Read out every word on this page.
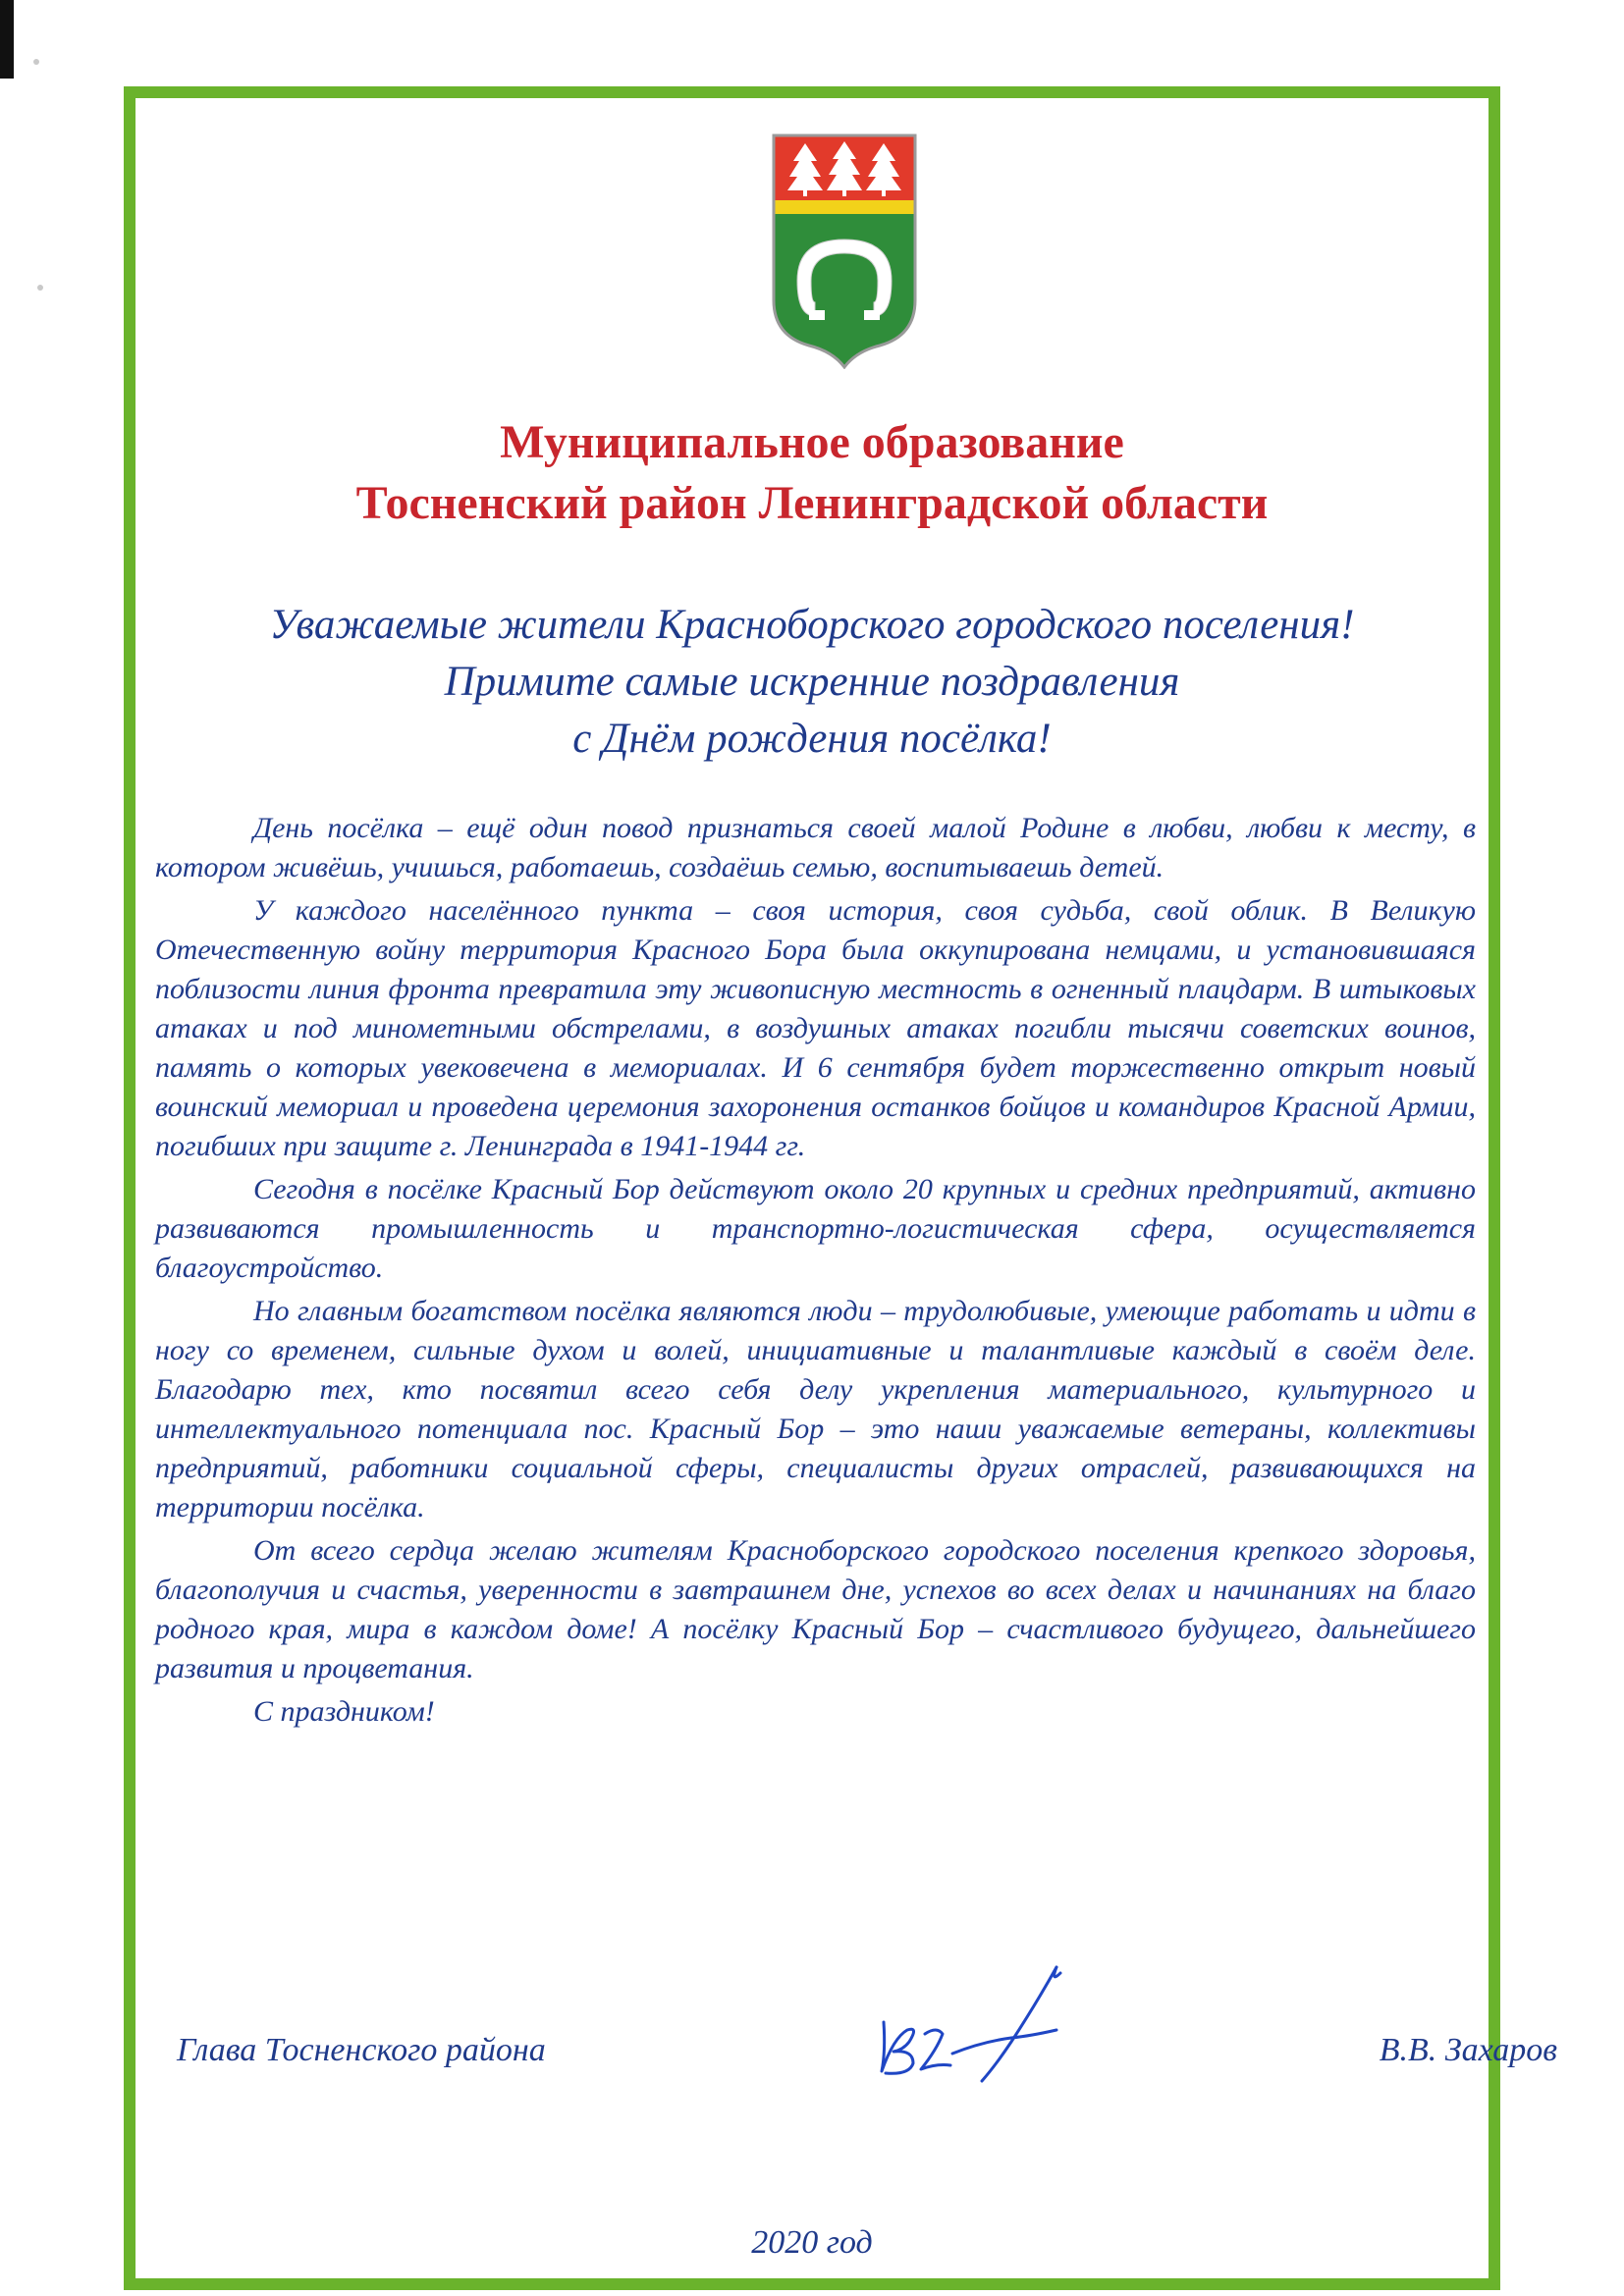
Муниципальное образование
Тосненский район Ленинградской области
Уважаемые жители Красноборского городского поселения!
Примите самые искренние поздравления
с Днём рождения посёлка!

День посёлка – ещё один повод признаться своей малой Родине в любви, любви к месту, в котором живёшь, учишься, работаешь, создаёшь семью, воспитываешь детей.

У каждого населённого пункта – своя история, своя судьба, свой облик. В Великую Отечественную войну территория Красного Бора была оккупирована немцами, и установившаяся поблизости линия фронта превратила эту живописную местность в огненный плацдарм. В штыковых атаках и под минометными обстрелами, в воздушных атаках погибли тысячи советских воинов, память о которых увековечена в мемориалах. И 6 сентября будет торжественно открыт новый воинский мемориал и проведена церемония захоронения останков бойцов и командиров Красной Армии, погибших при защите г. Ленинграда в 1941-1944 гг.

Сегодня в посёлке Красный Бор действуют около 20 крупных и средних предприятий, активно развиваются промышленность и транспортно-логистическая сфера, осуществляется благоустройство.

Но главным богатством посёлка являются люди – трудолюбивые, умеющие работать и идти в ногу со временем, сильные духом и волей, инициативные и талантливые каждый в своём деле. Благодарю тех, кто посвятил всего себя делу укрепления материального, культурного и интеллектуального потенциала пос. Красный Бор – это наши уважаемые ветераны, коллективы предприятий, работники социальной сферы, специалисты других отраслей, развивающихся на территории посёлка.

От всего сердца желаю жителям Красноборского городского поселения крепкого здоровья, благополучия и счастья, уверенности в завтрашнем дне, успехов во всех делах и начинаниях на благо родного края, мира в каждом доме! А посёлку Красный Бор – счастливого будущего, дальнейшего развития и процветания.

С праздником!

Глава Тосненского района	В.В. Захаров
2020 год
